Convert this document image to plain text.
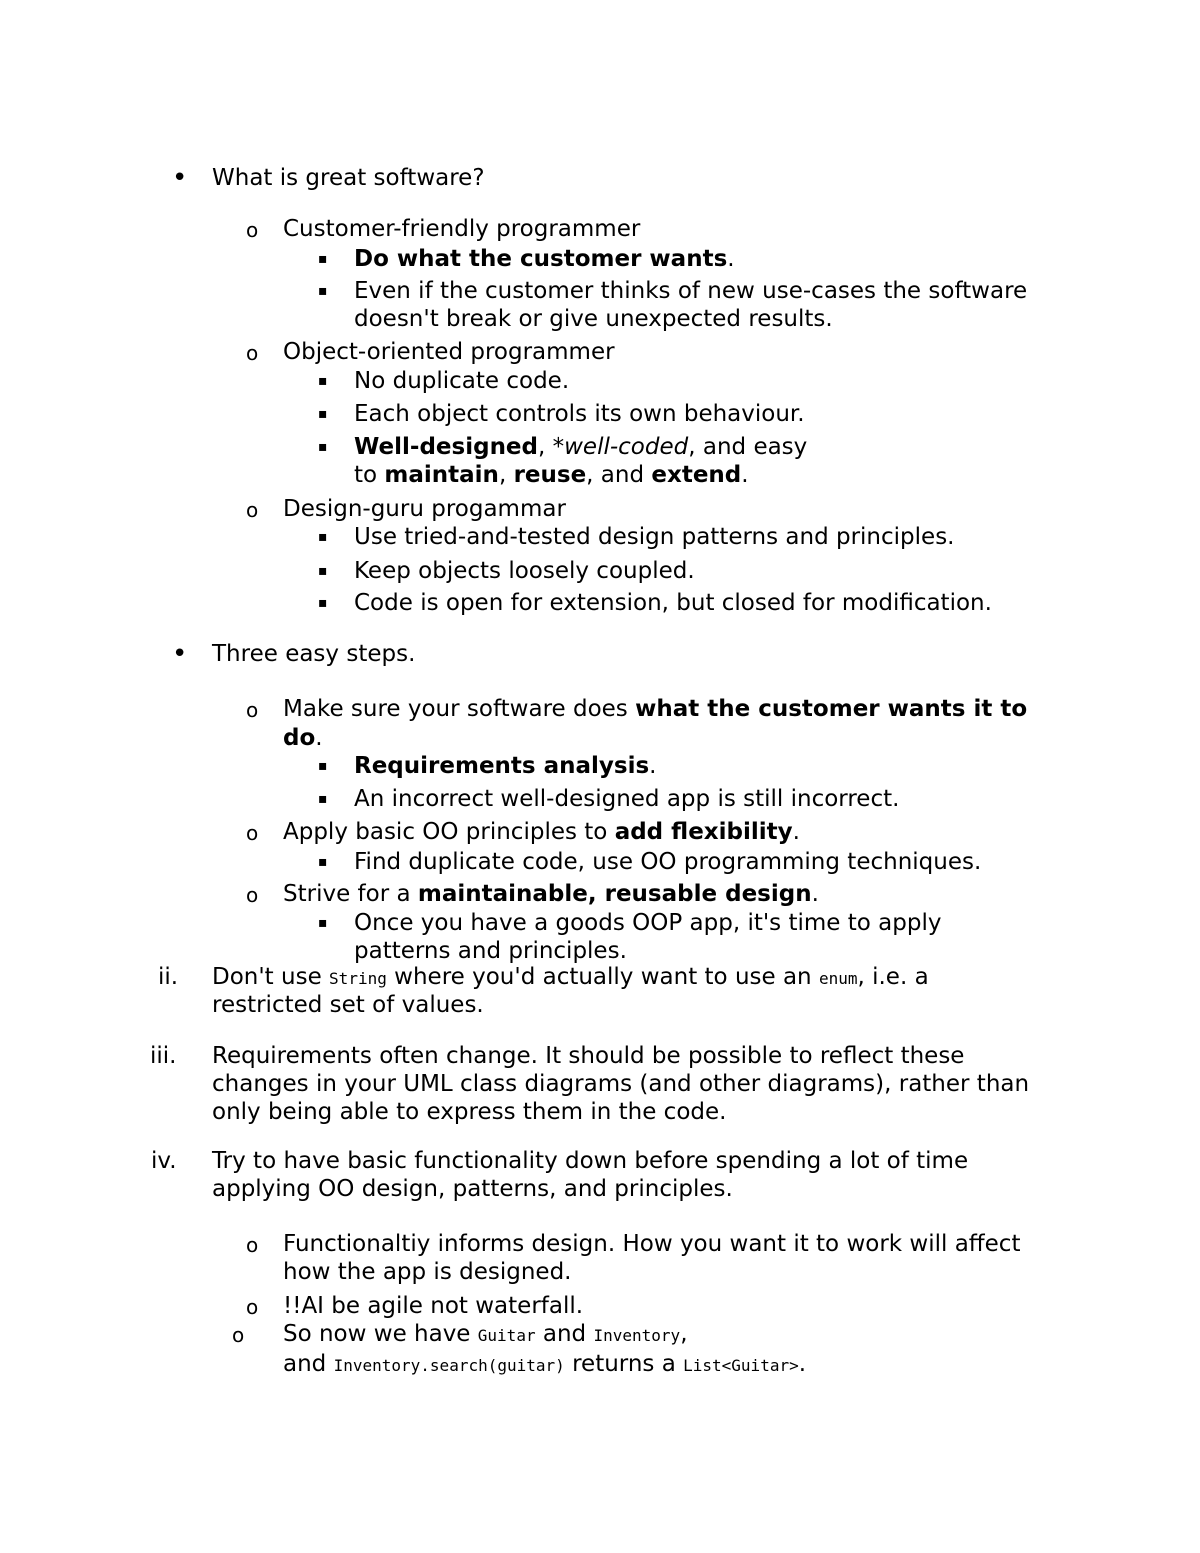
• What is great software?
o Customer-friendly programmer
▪ Do what the customer wants.
▪ Even if the customer thinks of new use-cases the software
doesn't break or give unexpected results.
o Object-oriented programmer
▪ No duplicate code.
▪ Each object controls its own behaviour.
▪ Well-designed, *well-coded, and easy
to maintain, reuse, and extend.
o Design-guru progammar
▪ Use tried-and-tested design patterns and principles.
▪ Keep objects loosely coupled.
▪ Code is open for extension, but closed for modification.
• Three easy steps.
o Make sure your software does what the customer wants it to
do.
▪ Requirements analysis.
▪ An incorrect well-designed app is still incorrect.
o Apply basic OO principles to add flexibility.
▪ Find duplicate code, use OO programming techniques.
o Strive for a maintainable, reusable design.
▪ Once you have a goods OOP app, it's time to apply
patterns and principles.
ii. Don't use String where you'd actually want to use an enum, i.e. a
restricted set of values.
iii. Requirements often change. It should be possible to reflect these
changes in your UML class diagrams (and other diagrams), rather than
only being able to express them in the code.
iv. Try to have basic functionality down before spending a lot of time
applying OO design, patterns, and principles.
o Functionaltiy informs design. How you want it to work will affect
how the app is designed.
o !!AI be agile not waterfall.
o So now we have Guitar and Inventory,
and Inventory.search(guitar) returns a List<Guitar>.
